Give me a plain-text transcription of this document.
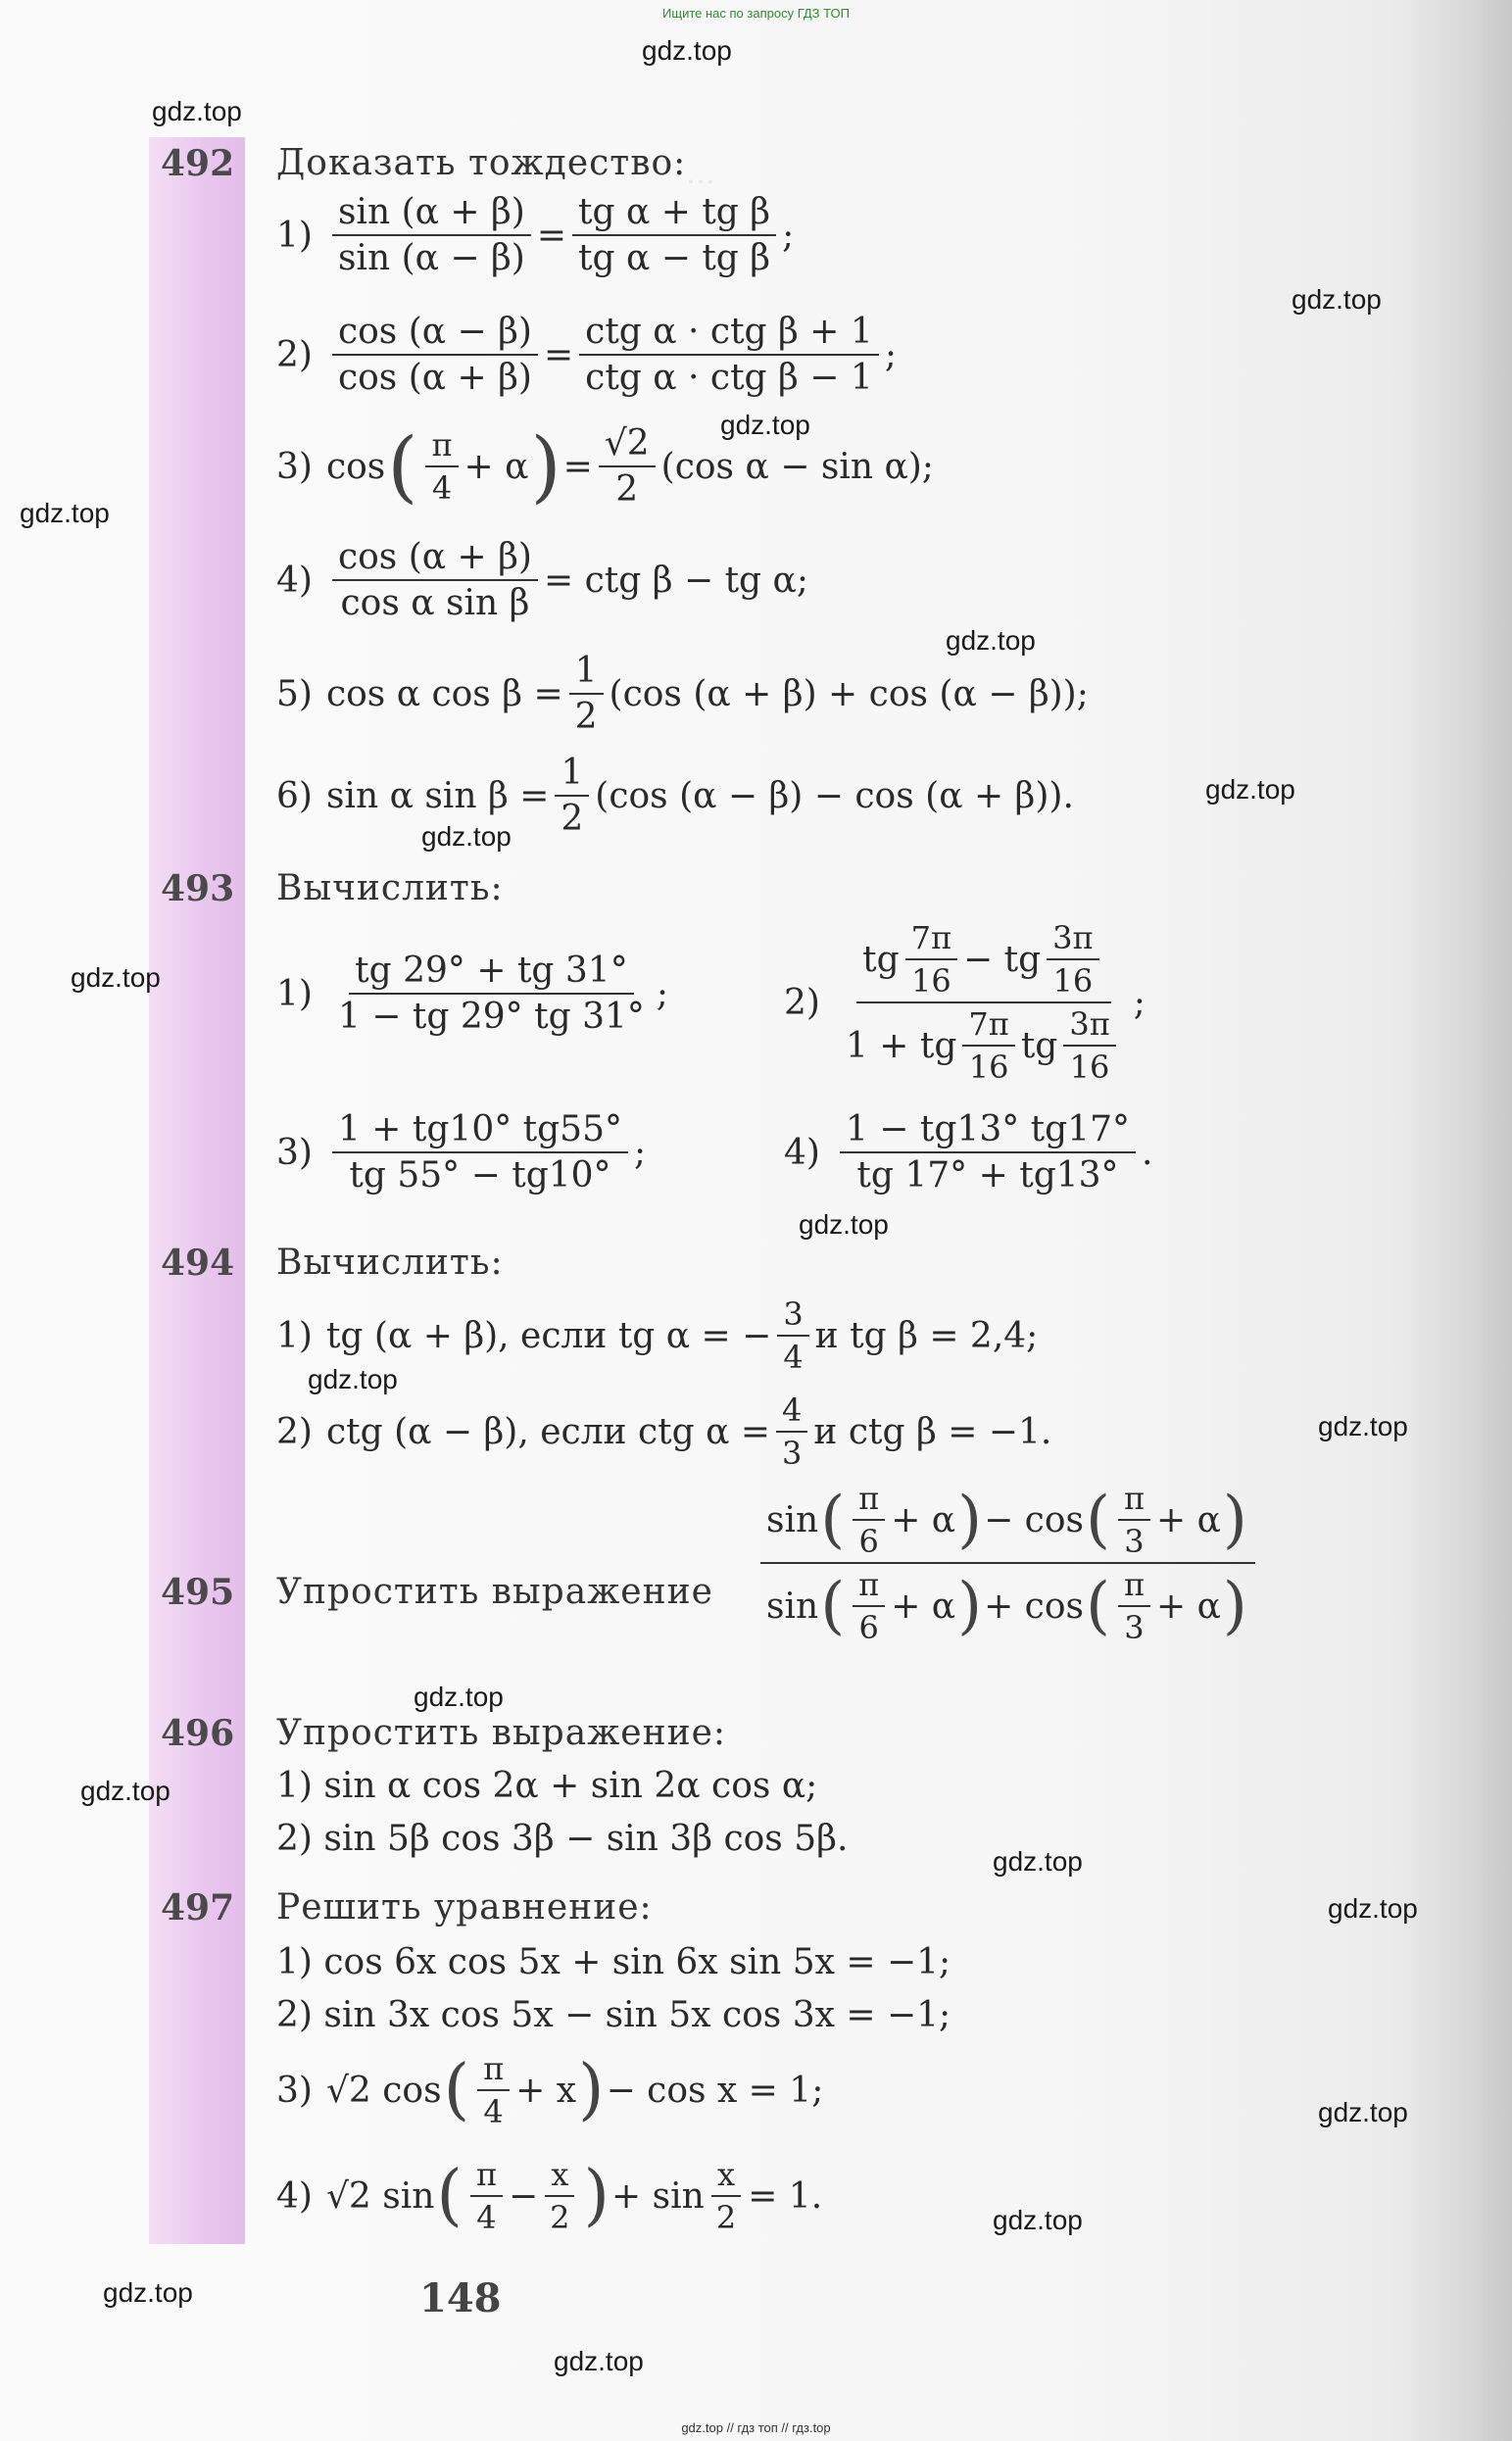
…
Ищите нас по запросу ГДЗ ТОП
gdz.top // гдз топ // гдз.top
gdz.top
gdz.top
gdz.top
gdz.top
gdz.top
gdz.top
gdz.top
gdz.top
gdz.top
gdz.top
gdz.top
gdz.top
gdz.top
gdz.top
gdz.top
gdz.top
gdz.top
gdz.top
gdz.top
gdz.top
492 Доказать тождество:
$1) \frac{\sin (\alpha + \beta)}{\sin (\alpha - \beta)} = \frac{\text{tg α + tg β}}{\text{tg α − tg β}}$ ;
$2) \frac{\cos (\alpha - \beta)}{\cos (\alpha + \beta)} = \frac{\text{ctg α · ctg β + 1}}{\text{ctg α · ctg β − 1}}$ ;
3) cos ( $\frac{\pi}{4} + \alpha$ ) = $\frac{√2}{2} (\cos$ α − sin α);
$4) \frac{\cos (\alpha + \beta)}{\text{cos α sin β}}$ = ctg β − tg α;
5) cos α $\cos \beta = \frac{1}{2} (\cos$ (α + β) + cos (α − β));
6) sin α $\sin \beta = \frac{1}{2} (\cos$ (α − β) − cos (α + β)).
493 Вычислить:
$1) \frac{tg 29^\circ + tg 31^\circ}{1 - tg 29^\circ tg 31^\circ}$ ;	$2) \frac{tg \frac{7\pi}{16} - tg \frac{3\pi}{16}}{1 + tg \frac{7\pi}{16} tg \frac{3\pi}{16}}$ ;
$3) \frac{1 + tg10^\circ tg55^\circ}{tg 55^\circ - tg10^\circ}$ ;	$4) \frac{1 - tg13^\circ tg17^\circ}{tg 17^\circ + tg13^\circ}$ .
494 Вычислить:
1) tg (α + β), если tg α = − $\frac{3}{4}$ и tg β = 2,4;
2) ctg (α − β), если ctg $\alpha = \frac{4}{3}$ и ctg β = −1.
495 Упростить выражение
sin ( $\frac{\pi}{6} + \alpha$ ) − cos ( $\frac{\pi}{3} + \alpha$ )
sin ( $\frac{\pi}{6} + \alpha$ ) + cos ( $\frac{\pi}{3} + \alpha$ )
496 Упростить выражение:
1) sin α cos 2α + sin 2α cos α;
2) sin 5β cos 3β − sin 3β cos 5β.
497 Решить уравнение:
1) cos 6x cos 5x + sin 6x sin 5x = −1;
2) sin 3x cos 5x − sin 5x cos 3x = −1;
3) √2 cos ( $\frac{\pi}{4} + x$ ) − cos x = 1;
4) √2 sin ( $\frac{\pi}{4} - \frac{x}{2}$ ) + $\sin \frac{x}{2} = 1$.
148
